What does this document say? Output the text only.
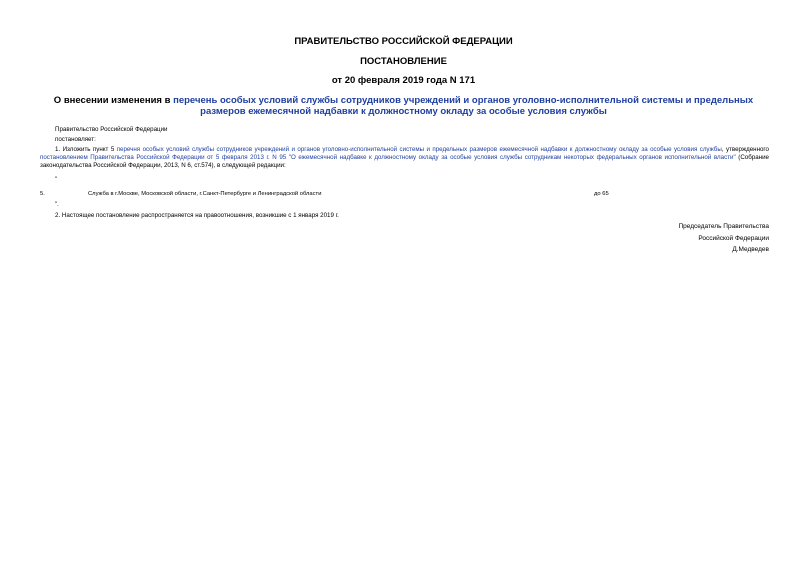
ПРАВИТЕЛЬСТВО РОССИЙСКОЙ ФЕДЕРАЦИИ
ПОСТАНОВЛЕНИЕ
от 20 февраля 2019 года N 171
О внесении изменения в перечень особых условий службы сотрудников учреждений и органов уголовно-исполнительной системы и предельных размеров ежемесячной надбавки к должностному окладу за особые условия службы
Правительство Российской Федерации
постановляет:
1. Изложить пункт 5 перечня особых условий службы сотрудников учреждений и органов уголовно-исполнительной системы и предельных размеров ежемесячной надбавки к должностному окладу за особые условия службы, утвержденного постановлением Правительства Российской Федерации от 5 февраля 2013 г. N 95 "О ежемесячной надбавке к должностному окладу за особые условия службы сотрудникам некоторых федеральных органов исполнительной власти" (Собрание законодательства Российской Федерации, 2013, N 6, ст.574), в следующей редакции:
"
5.	Служба в г.Москве, Московской области, г.Санкт-Петербурге и Ленинградской области	до 65
".
2. Настоящее постановление распространяется на правоотношения, возникшие с 1 января 2019 г.
Председатель Правительства
Российской Федерации
Д.Медведев
